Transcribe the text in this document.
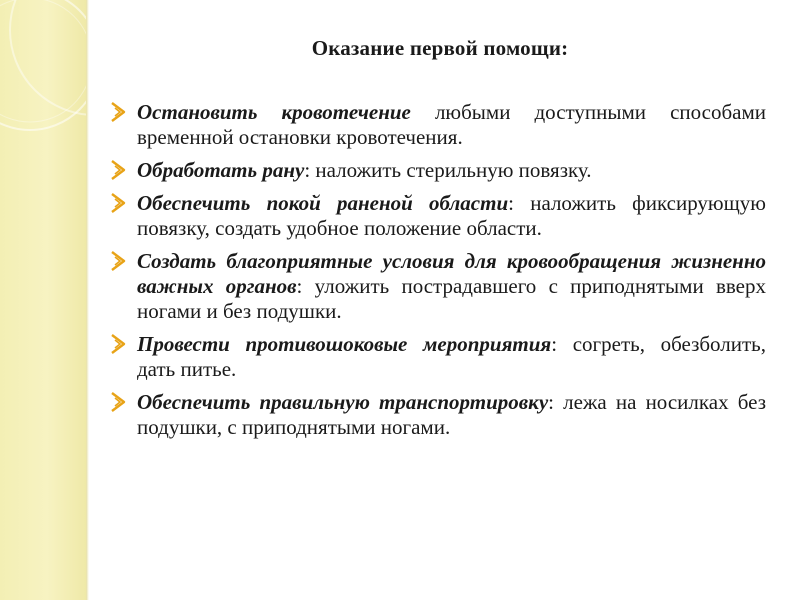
Оказание первой помощи:
Остановить кровотечение любыми доступными способами временной остановки кровотечения.
Обработать рану: наложить стерильную повязку.
Обеспечить покой раненой области: наложить фиксирующую повязку, создать удобное положение области.
Создать благоприятные условия для кровообращения жизненно важных органов: уложить пострадавшего с приподнятыми вверх ногами и без подушки.
Провести противошоковые мероприятия: согреть, обезболить, дать питье.
Обеспечить правильную транспортировку: лежа на носилках без подушки, с приподнятыми ногами.
